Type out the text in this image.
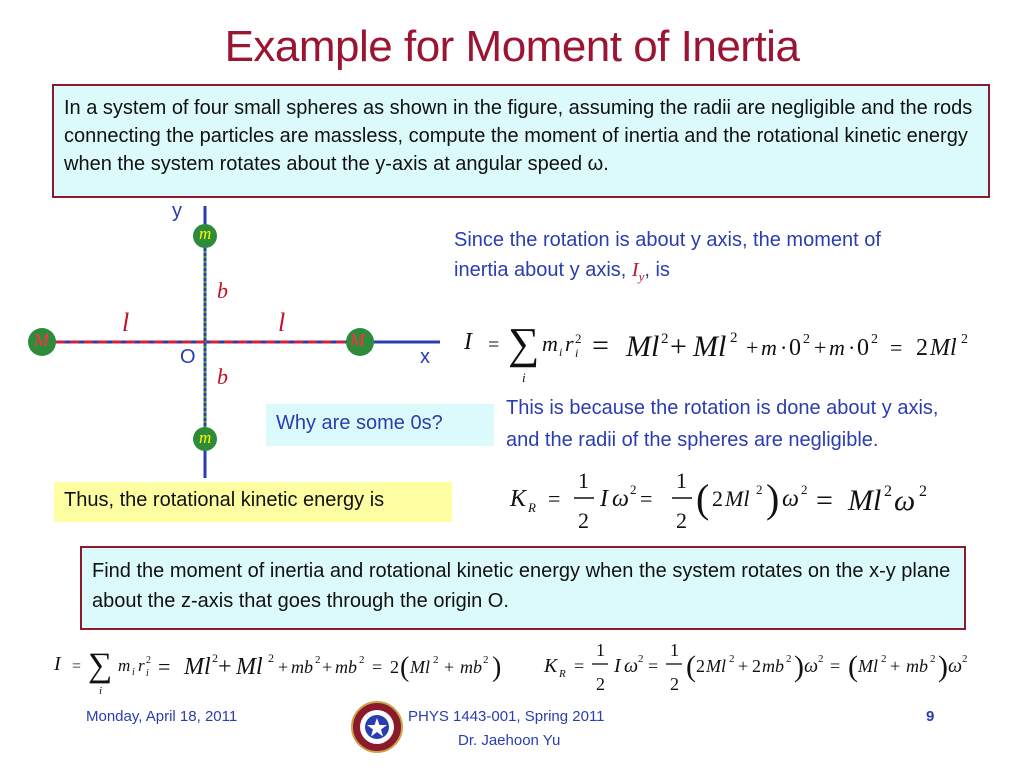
Example for Moment of Inertia
In a system of four small spheres as shown in the figure, assuming the radii are negligible and the rods connecting the particles are massless, compute the moment of inertia and the rotational kinetic energy when the system rotates about the y-axis at angular speed ω.
y
x
O
m
m
M	M
b
b
l	l
Since the rotation is about y axis, the moment of
inertia about y axis, $I_y$, is
I = ∑
i
m i r 2
i = Ml 2 + Ml 2 + m · 0 2 + m · 0 2 = 2 Ml 2
Why are some 0s?
This is because the rotation is done about y axis,
and the radii of the spheres are negligible.
K R =
1
2
I ω 2 =
1
2 ( 2 Ml 2 ) ω 2 = Ml 2 ω 2
Thus, the rotational kinetic energy is
Find the moment of inertia and rotational kinetic energy when the system rotates on the x-y plane about the z-axis that goes through the origin O.
I = ∑
i
m i r 2
i = Ml 2 + Ml 2 + mb 2 + mb 2 = 2 ( Ml 2 + mb 2 ) K R =
1
2
I ω 2 =
1
2
( 2 Ml 2 + 2 mb 2 ) ω 2 = ( Ml 2 + mb 2 ) ω 2
Monday, April 18, 2011	PHYS 1443-001, Spring 2011
Dr. Jaehoon Yu
9
